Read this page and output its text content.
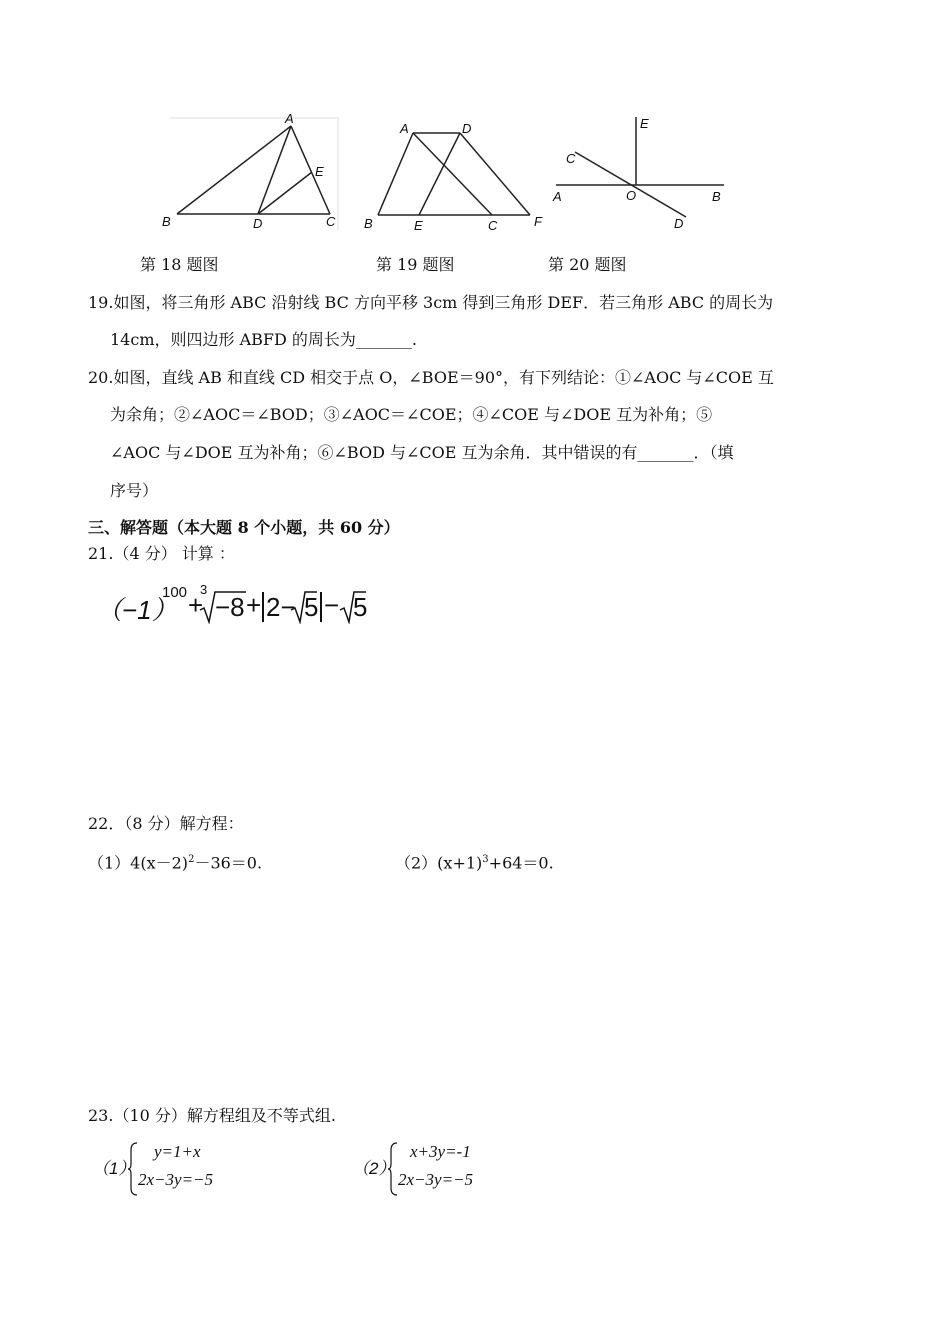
A
B	C
D
E
A	D
B	E	C	F
E
C
A	O	B
D
第 18 题图	第 19 题图	第 20 题图
19.如图，将三角形 ABC 沿射线 BC 方向平移 3cm 得到三角形 DEF．若三角形 ABC 的周长为
14cm，则四边形 ABFD 的周长为_______.
20.如图，直线 AB 和直线 CD 相交于点 O，∠BOE＝90°，有下列结论：①∠AOC 与∠COE 互
为余角；②∠AOC＝∠BOD；③∠AOC＝∠COE；④∠COE 与∠DOE 互为补角；⑤
∠AOC 与∠DOE 互为补角；⑥∠BOD 与∠COE 互为余角．其中错误的有_______．（填
序号）
三、解答题（本大题 8 个小题，共 60 分）
21.（4 分） 计算 ：
（−1）
100 +
3
−8 + 2− 5 − 5
22．（8 分）解方程：
$(1)4(x-2)^2-36=0$.	$(2)(x+1)^3+64=0$.
23.（10 分）解方程组及不等式组.
（1）
y=1+x
2x−3y=−5
（2）
x+3y=-1
2x−3y=−5
